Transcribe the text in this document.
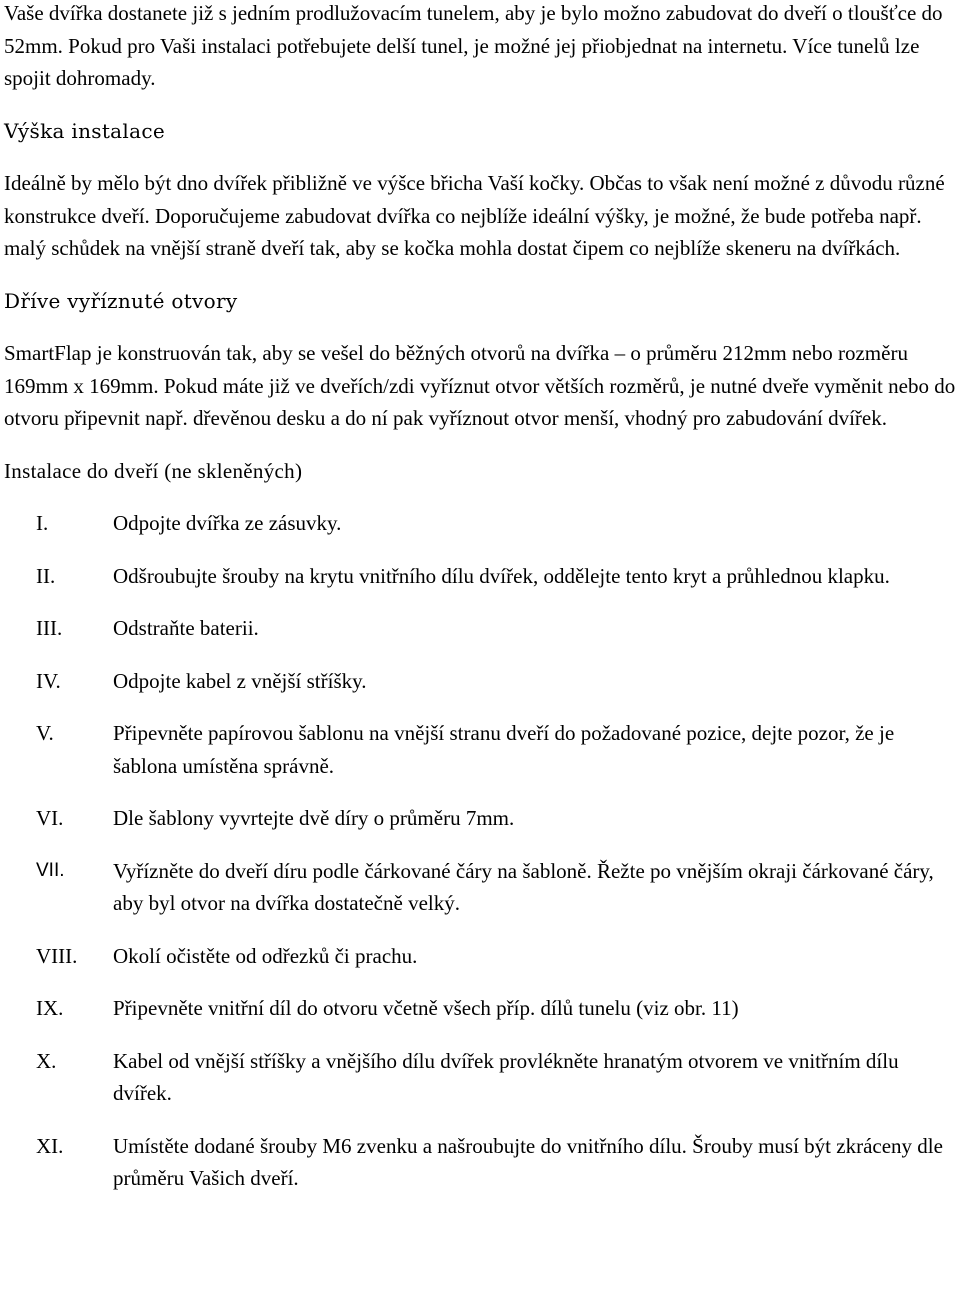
Vaše dvířka dostanete již s jedním prodlužovacím tunelem, aby je bylo možno zabudovat do dveří o tloušťce do 52mm. Pokud pro Vaši instalaci potřebujete delší tunel, je možné jej přiobjednat na internetu. Více tunelů lze spojit dohromady.

Výška instalace

Ideálně by mělo být dno dvířek přibližně ve výšce břicha Vaší kočky. Občas to však není možné z důvodu různé konstrukce dveří. Doporučujeme zabudovat dvířka co nejblíže ideální výšky, je možné, že bude potřeba např. malý schůdek na vnější straně dveří tak, aby se kočka mohla dostat čipem co nejblíže skeneru na dvířkách.

Dříve vyříznuté otvory

SmartFlap je konstruován tak, aby se vešel do běžných otvorů na dvířka – o průměru 212mm nebo rozměru 169mm x 169mm. Pokud máte již ve dveřích/zdi vyříznut otvor větších rozměrů, je nutné dveře vyměnit nebo do otvoru připevnit např. dřevěnou desku a do ní pak vyříznout otvor menší, vhodný pro zabudování dvířek.

Instalace do dveří (ne skleněných)
I.	Odpojte dvířka ze zásuvky.
II.	Odšroubujte šrouby na krytu vnitřního dílu dvířek, oddělejte tento kryt a průhlednou klapku.
III.	Odstraňte baterii.
IV.	Odpojte kabel z vnější stříšky.
V.	Připevněte papírovou šablonu na vnější stranu dveří do požadované pozice, dejte pozor, že je šablona umístěna správně.
VI.	Dle šablony vyvrtejte dvě díry o průměru 7mm.
VII.	Vyřízněte do dveří díru podle čárkované čáry na šabloně. Řežte po vnějším okraji čárkované čáry, aby byl otvor na dvířka dostatečně velký.
VIII.	Okolí očistěte od odřezků či prachu.
IX.	Připevněte vnitřní díl do otvoru včetně všech příp. dílů tunelu (viz obr. 11)
X.	Kabel od vnější stříšky a vnějšího dílu dvířek provlékněte hranatým otvorem ve vnitřním dílu dvířek.
XI.	Umístěte dodané šrouby M6 zvenku a našroubujte do vnitřního dílu. Šrouby musí být zkráceny dle průměru Vašich dveří.
